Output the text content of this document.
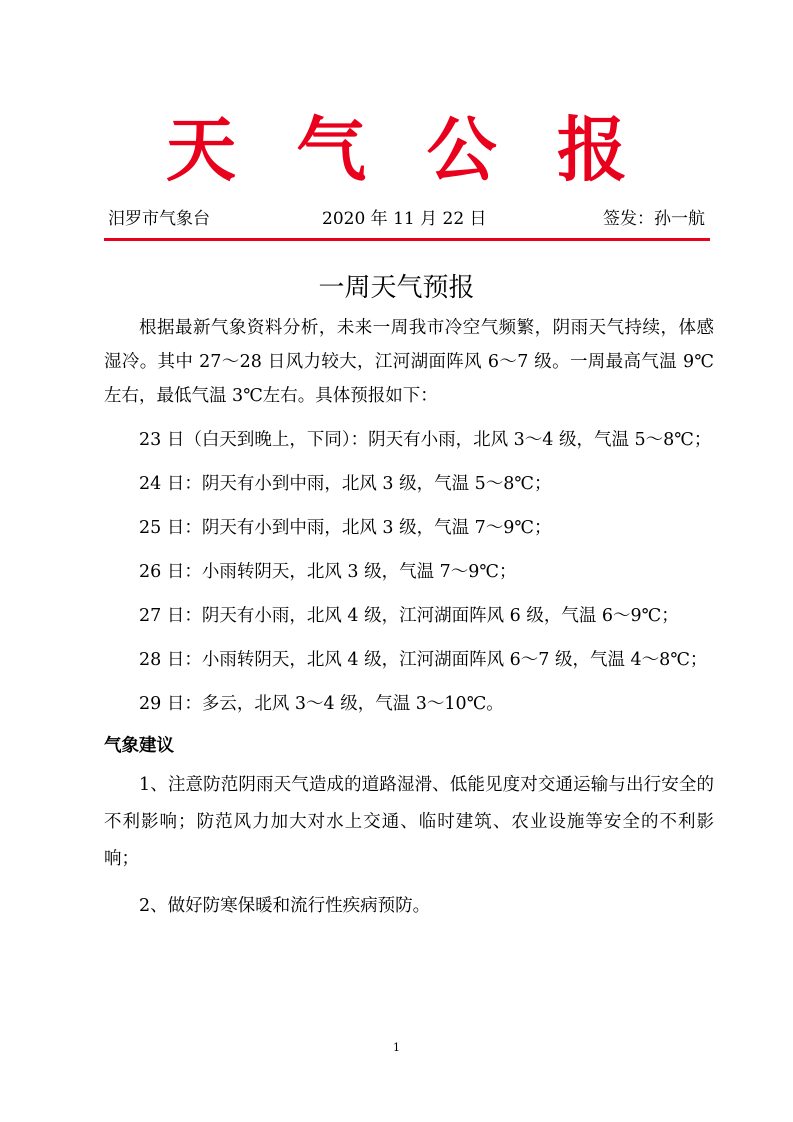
天 气 公 报
汨罗市气象台	2020 年 11 月 22 日	签发：孙一航
一周天气预报

根据最新气象资料分析，未来一周我市冷空气频繁，阴雨天气持续，体感湿冷。其中 27～28 日风力较大，江河湖面阵风 6～7 级。一周最高气温 9℃左右，最低气温 3℃左右。具体预报如下：

23 日（白天到晚上，下同）：阴天有小雨，北风 3～4 级，气温 5～8℃；

24 日：阴天有小到中雨，北风 3 级，气温 5～8℃；

25 日：阴天有小到中雨，北风 3 级，气温 7～9℃；

26 日：小雨转阴天，北风 3 级，气温 7～9℃；

27 日：阴天有小雨，北风 4 级，江河湖面阵风 6 级，气温 6～9℃；

28 日：小雨转阴天，北风 4 级，江河湖面阵风 6～7 级，气温 4～8℃；

29 日：多云，北风 3～4 级，气温 3～10℃。

气象建议

1、注意防范阴雨天气造成的道路湿滑、低能见度对交通运输与出行安全的不利影响；防范风力加大对水上交通、临时建筑、农业设施等安全的不利影响；

2、做好防寒保暖和流行性疾病预防。

1
